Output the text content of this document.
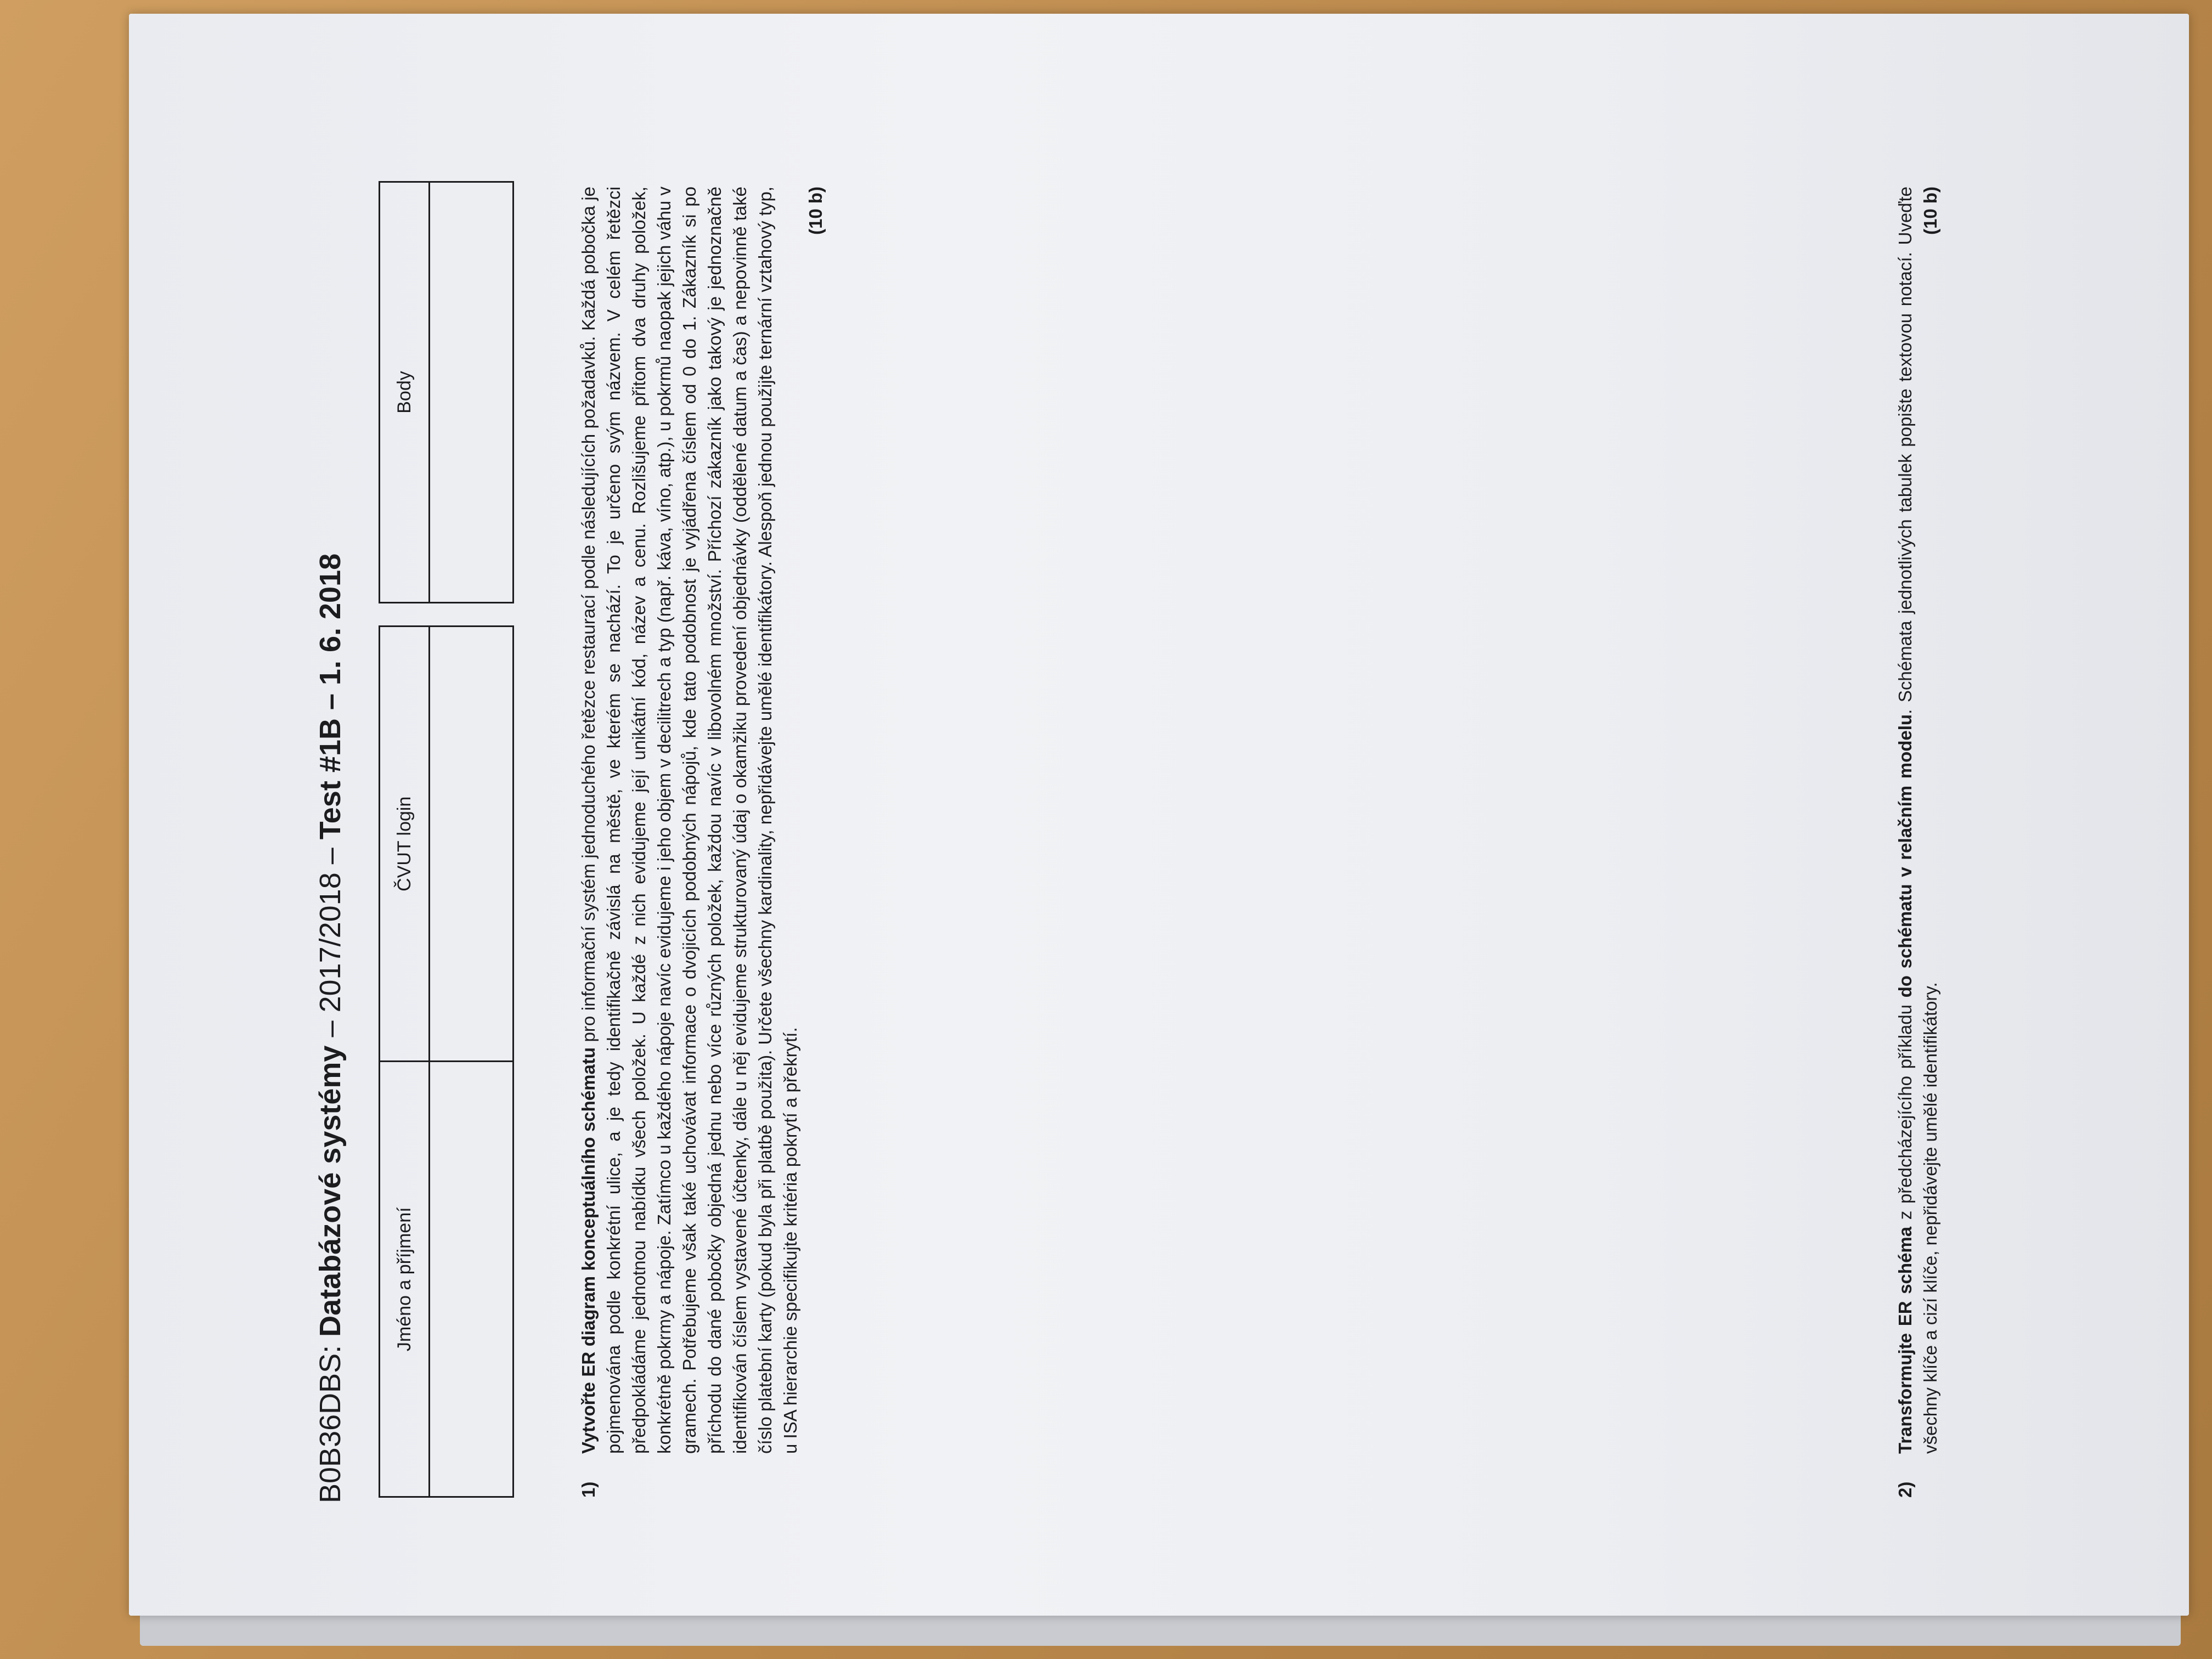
B0B36DBS: Databázové systémy – 2017/2018 – Test #1B – 1. 6. 2018
Jméno a příjmení
ČVUT login
Body
1)
Vytvořte ER diagram konceptuálního schématu pro informační systém jednoduchého řetězce restaurací podle následujících požadavků. Každá pobočka je pojmenována podle konkrétní ulice, a je tedy identifikačně závislá na městě, ve kterém se nachází. To je určeno svým názvem. V celém řetězci předpokládáme jednotnou nabídku všech položek. U každé z nich evidujeme její unikátní kód, název a cenu. Rozlišujeme přitom dva druhy položek, konkrétně pokrmy a nápoje. Zatímco u každého nápoje navíc evidujeme i jeho objem v decilitrech a typ (např. káva, víno, atp.), u pokrmů naopak jejich váhu v gramech. Potřebujeme však také uchovávat informace o dvojicích podobných nápojů, kde tato podobnost je vyjádřena číslem od 0 do 1. Zákazník si po příchodu do dané pobočky objedná jednu nebo více různých položek, každou navíc v libovolném množství. Příchozí zákazník jako takový je jednoznačně identifikován číslem vystavené účtenky, dále u něj evidujeme strukturovaný údaj o okamžiku provedení objednávky (oddělené datum a čas) a nepovinně také číslo platební karty (pokud byla při platbě použita). Určete všechny kardinality, nepřidávejte umělé identifikátory. Alespoň jednou použijte ternární vztahový typ, u ISA hierarchie specifikujte kritéria pokrytí a překrytí.
(10 b)
2)
Transformujte ER schéma z předcházejícího příkladu do schématu v relačním modelu. Schémata jednotlivých tabulek popište textovou notací. Uveďte všechny klíče a cizí klíče, nepřidávejte umělé identifikátory.
(10 b)
